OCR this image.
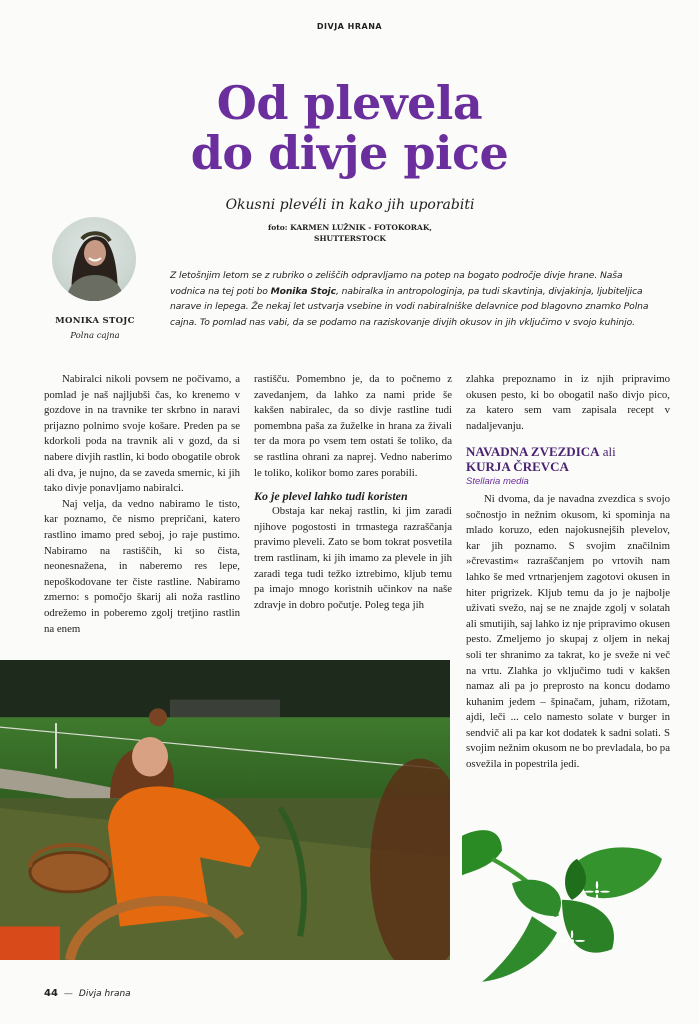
DIVJA HRANA
Od plevela
do divje pice
Okusni plevéli in kako jih uporabiti
foto: KARMEN LUŽNIK - FOTOKORAK,
SHUTTERSTOCK
MONIKA STOJC
Polna cajna
Z letošnjim letom se z rubriko o zeliščih odpravljamo na potep na bogato področje divje hrane. Naša vodnica na tej poti bo Monika Stojc, nabiralka in antropologinja, pa tudi skavtinja, divjakinja, ljubiteljica narave in lepega. Že nekaj let ustvarja vsebine in vodi nabiralniške delavnice pod blagovno znamko Polna cajna. To pomlad nas vabi, da se podamo na raziskovanje divjih okusov in jih vključimo v svojo kuhinjo.

Nabiralci nikoli povsem ne počivamo, a pomlad je naš najljubši čas, ko krenemo v gozdove in na travnike ter skrbno in naravi prijazno polnimo svoje košare. Preden pa se kdorkoli poda na travnik ali v gozd, da si nabere divjih rastlin, ki bodo obogatile obrok ali dva, je nujno, da se zaveda smernic, ki jih tako divje ponavljamo nabiralci.

Naj velja, da vedno nabiramo le tisto, kar poznamo, če nismo prepričani, katero rastlino imamo pred seboj, jo raje pustimo. Nabiramo na rastiščih, ki so čista, neonesnažena, in naberemo res lepe, nepoškodovane ter čiste rastline. Nabiramo zmerno: s pomočjo škarij ali noža rastlino odrežemo in poberemo zgolj tretjino rastlin na enem

rastišču. Pomembno je, da to počnemo z zavedanjem, da lahko za nami pride še kakšen nabiralec, da so divje rastline tudi pomembna paša za žuželke in hrana za živali ter da mora po vsem tem ostati še toliko, da se rastlina ohrani za naprej. Vedno naberimo le toliko, kolikor bomo zares porabili.

Ko je plevel lahko tudi koristen

Obstaja kar nekaj rastlin, ki jim zaradi njihove pogostosti in trmastega razraščanja pravimo pleveli. Zato se bom tokrat posvetila trem rastlinam, ki jih imamo za plevele in jih zaradi tega tudi težko iztrebimo, kljub temu pa imajo mnogo koristnih učinkov na naše zdravje in dobro počutje. Poleg tega jih

zlahka prepoznamo in iz njih pripravimo okusen pesto, ki bo obogatil našo divjo pico, za katero sem vam zapisala recept v nadaljevanju.

NAVADNA ZVEZDICA ali
KURJA ČREVCA
Stellaria media

Ni dvoma, da je navadna zvezdica s svojo sočnostjo in nežnim okusom, ki spominja na mlado koruzo, eden najokusnejših plevelov, kar jih poznamo. S svojim značilnim »črevastim« razraščanjem po vrtovih nam lahko še med vrtnarjenjem zagotovi okusen in hiter prigrizek. Kljub temu da jo je najbolje uživati svežo, naj se ne znajde zgolj v solatah ali smutijih, saj lahko iz nje pripravimo okusen pesto. Zmeljemo jo skupaj z oljem in nekaj soli ter shranimo za takrat, ko je sveže ni več na vrtu. Zlahka jo vključimo tudi v kakšen namaz ali pa jo preprosto na koncu dodamo kuhanim jedem – špinačam, juham, rižotam, ajdi, leči ... celo namesto solate v burger in sendvič ali pa kar kot dodatek k sadni solati. S svojim nežnim okusom ne bo prevladala, bo pa osvežila in popestrila jedi.

44 — Divja hrana
